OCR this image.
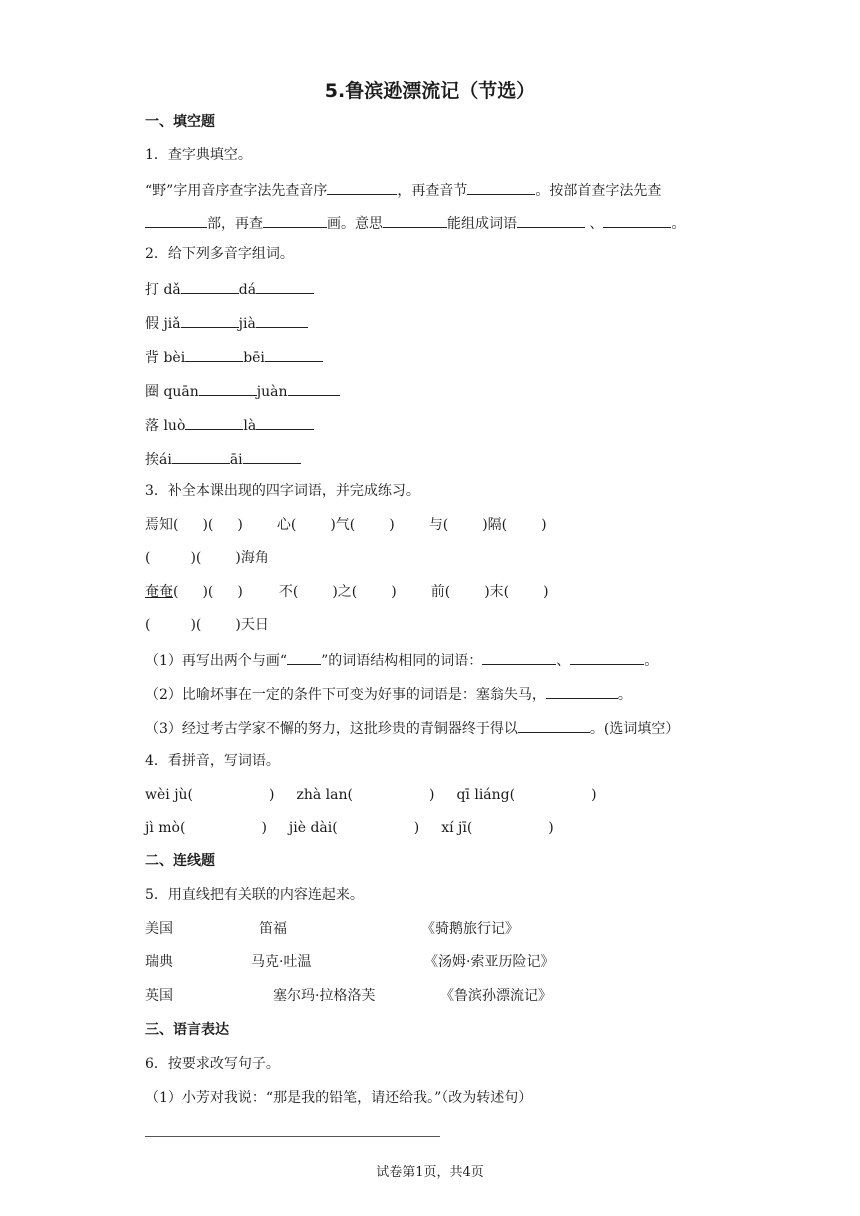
5.鲁滨逊漂流记（节选）
一、填空题
1．查字典填空。
“野”字用音序查字法先查音序	，再查音节	。按部首查字法先查
部，再查	画。意思	能组成词语	、	。
2．给下列多音字组词。
打 dǎ	dá
假 jiǎ	jià
背 bèi	bēi
圈 quān	juàn
落 luò	là
挨ái	āi
3．补全本课出现的四字词语，并完成练习。
焉知( )( ) 心( )气( ) 与( )隔( )
(	)( )海角
奄奄( )( )	不( )之( ) 前( )末( )
(	)( )天日
（1）再写出两个与画“ ”的词语结构相同的词语：	、	。
（2）比喻坏事在一定的条件下可变为好事的词语是：塞翁失马，	。
（3）经过考古学家不懈的努力，这批珍贵的青铜器终于得以	。(选词填空）
4．看拼音，写词语。
wèi jù(	) zhà lan(	) qī liáng(	)
jì mò(	) jiè dài(	) xí jī(	)
二、连线题
5．用直线把有关联的内容连起来。
美国	笛福	《骑鹅旅行记》
瑞典	马克·吐温	《汤姆·索亚历险记》
英国	塞尔玛·拉格洛芙	《鲁滨孙漂流记》
三、语言表达
6．按要求改写句子。
（1）小芳对我说：“那是我的铅笔，请还给我。”（改为转述句）
试卷第1页，共4页
